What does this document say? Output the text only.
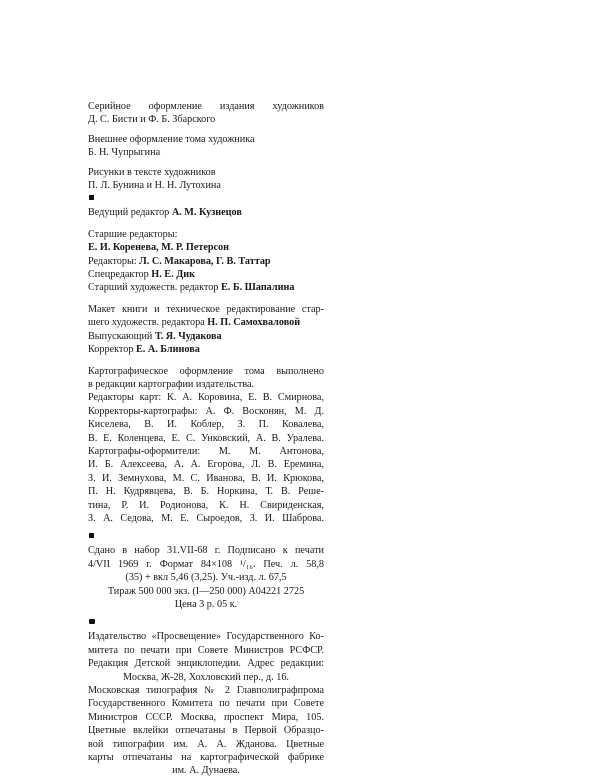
Серийное оформление издания художников
Д. С. Бисти и Ф. Б. Збарского
Внешнее оформление тома художника
Б. Н. Чупрыгина
Рисунки в тексте художников
П. Л. Бунина и Н. Н. Лутохина
Ведущий редактор А. М. Кузнецов
Старшие редакторы:
Е. И. Коренева, М. Р. Петерсон
Редакторы: Л. С. Макарова, Г. В. Таттар
Спецредактор Н. Е. Дик
Старший художеств. редактор Е. Б. Шапалина
Макет книги и техническое редактирование стар-
шего художеств. редактора Н. П. Самохваловой
Выпускающий Т. Я. Чудакова
Корректор Е. А. Блинова
Картографическое оформление тома выполнено
в редакции картографии издательства.
Редакторы карт: К. А. Коровина, Е. В. Смирнова,
Корректоры-картографы: А. Ф. Восконян, М. Д.
Киселева, В. И. Коблер, З. П. Ковалева,
В. Е. Коленцева, Е. С. Унковский, А. В. Уралева.
Картографы-оформители: М. М. Антонова,
И. Б. Алексеева, А. А. Егорова, Л. В. Еремина,
З. И. Земнухова, М. С. Иванова, В. И. Крюкова,
П. Н. Кудрявцева, В. Б. Норкина, Т. В. Реше-
тина, Р. И. Родионова, К. Н. Свириденская,
З. А. Седова, М. Е. Сыроедов, З. И. Шаброва.
Сдано в набор 31.VII-68 г. Подписано к печати
4/VII 1969 г. Формат 84×108 ¹/₁₆. Печ. л. 58,8
(35) + вкл 5,46 (3,25). Уч.-изд. л. 67,5
Тираж 500 000 экз. (I—250 000) А04221 2725
Цена 3 р. 05 к.
Издательство «Просвещение» Государственного Ко-
митета по печати при Совете Министров РСФСР.
Редакция Детской энциклопедии. Адрес редакции:
Москва, Ж-28, Хохловский пер., д. 16.
Московская типография № 2 Главполиграфпрома
Государственного Комитета по печати при Совете
Министров СССР. Москва, проспект Мира, 105.
Цветные вклейки отпечатаны в Первой Образцо-
вой типографии им. А. А. Жданова. Цветные
карты отпечатаны на картографической фабрике
им. А. Дунаева.
